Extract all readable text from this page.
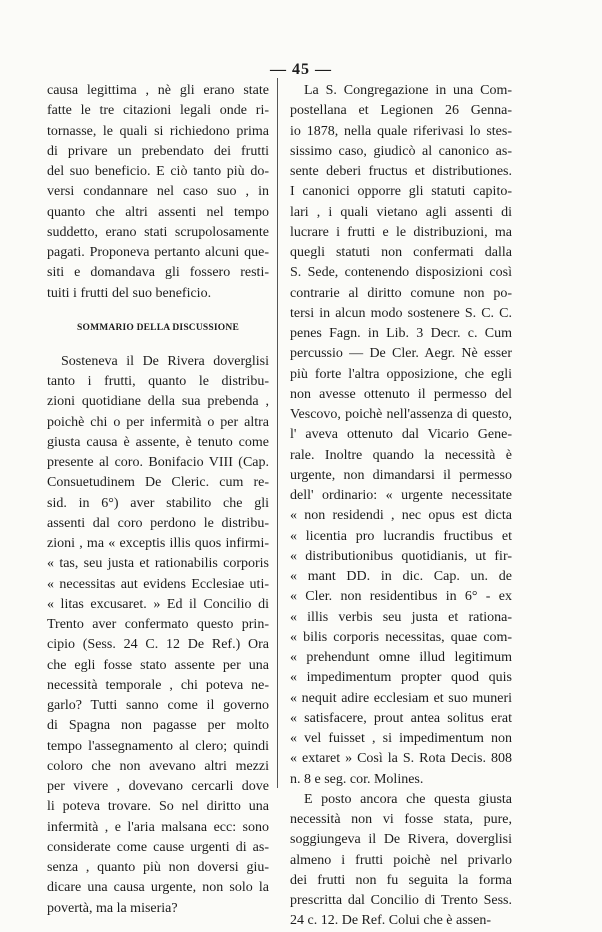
— 45 —
causa legittima , nè gli erano state
fatte le tre citazioni legali onde ri-
tornasse, le quali si richiedono prima
di privare un prebendato dei frutti
del suo beneficio. E ciò tanto più do-
versi condannare nel caso suo , in
quanto che altri assenti nel tempo
suddetto, erano stati scrupolosamente
pagati. Proponeva pertanto alcuni que-
siti e domandava gli fossero resti-
tuiti i frutti del suo beneficio.
SOMMARIO DELLA DISCUSSIONE
Sosteneva il De Rivera doverglisi
tanto i frutti, quanto le distribu-
zioni quotidiane della sua prebenda ,
poichè chi o per infermità o per altra
giusta causa è assente, è tenuto come
presente al coro. Bonifacio VIII (Cap.
Consuetudinem De Cleric. cum re-
sid. in 6°) aver stabilito che gli
assenti dal coro perdono le distribu-
zioni , ma « exceptis illis quos infirmi-
« tas, seu justa et rationabilis corporis
« necessitas aut evidens Ecclesiae uti-
« litas excusaret. » Ed il Concilio di
Trento aver confermato questo prin-
cipio (Sess. 24 C. 12 De Ref.) Ora
che egli fosse stato assente per una
necessità temporale , chi poteva ne-
garlo? Tutti sanno come il governo
di Spagna non pagasse per molto
tempo l'assegnamento al clero; quindi
coloro che non avevano altri mezzi
per vivere , dovevano cercarli dove
li poteva trovare. So nel diritto una
infermità , e l'aria malsana ecc: sono
considerate come cause urgenti di as-
senza , quanto più non doversi giu-
dicare una causa urgente, non solo la
povertà, ma la miseria?
La S. Congregazione in una Com-
postellana et Legionen 26 Genna-
io 1878, nella quale riferivasi lo stes-
sissimo caso, giudicò al canonico as-
sente deberi fructus et distributiones.
I canonici opporre gli statuti capito-
lari , i quali vietano agli assenti di
lucrare i frutti e le distribuzioni, ma
quegli statuti non confermati dalla
S. Sede, contenendo disposizioni così
contrarie al diritto comune non po-
tersi in alcun modo sostenere S. C. C.
penes Fagn. in Lib. 3 Decr. c. Cum
percussio — De Cler. Aegr. Nè esser
più forte l'altra opposizione, che egli
non avesse ottenuto il permesso del
Vescovo, poichè nell'assenza di questo,
l' aveva ottenuto dal Vicario Gene-
rale. Inoltre quando la necessità è
urgente, non dimandarsi il permesso
dell' ordinario: « urgente necessitate
« non residendi , nec opus est dicta
« licentia pro lucrandis fructibus et
« distributionibus quotidianis, ut fir-
« mant DD. in dic. Cap. un. de
« Cler. non residentibus in 6° - ex
« illis verbis seu justa et rationa-
« bilis corporis necessitas, quae com-
« prehendunt omne illud legitimum
« impedimentum propter quod quis
« nequit adire ecclesiam et suo muneri
« satisfacere, prout antea solitus erat
« vel fuisset , si impedimentum non
« extaret » Così la S. Rota Decis. 808
n. 8 e seg. cor. Molines.
E posto ancora che questa giusta
necessità non vi fosse stata, pure,
soggiungeva il De Rivera, doverglisi
almeno i frutti poichè nel privarlo
dei frutti non fu seguita la forma
prescritta dal Concilio di Trento Sess.
24 c. 12. De Ref. Colui che è assen-
